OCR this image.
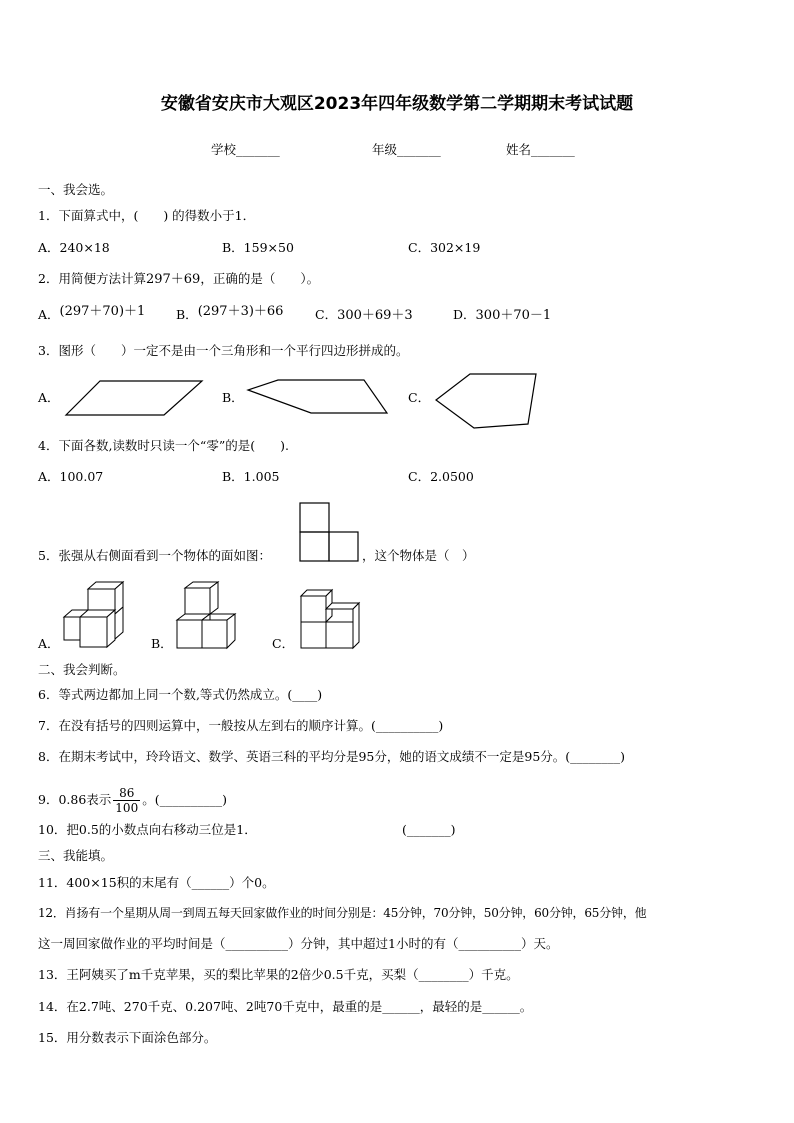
安徽省安庆市大观区2023年四年级数学第二学期期末考试试题
学校_______	年级_______	姓名_______
一、我会选。
1．下面算式中，(　　) 的得数小于1．
A．240×18	B．159×50	C．302×19
2．用简便方法计算297＋69，正确的是（　　）。
A．(297＋70)＋1 B．(297＋3)＋66	C．300＋69＋3	D．300＋70－1
3．图形（　　）一定不是由一个三角形和一个平行四边形拼成的。
A．	B．	C．
4．下面各数,读数时只读一个“零”的是(　　).
A．100.07	B．1.005	C．2.0500
5．张强从右侧面看到一个物体的面如图：	，这个物体是（　）
A．	B．	C．
二、我会判断。
6．等式两边都加上同一个数,等式仍然成立。(____)
7．在没有括号的四则运算中，一般按从左到右的顺序计算。(__________)
8．在期末考试中，玲玲语文、数学、英语三科的平均分是95分，她的语文成绩不一定是95分。(________)
9．0.86表示 $\frac{86}{100}$ 。(__________)
10．把0.5的小数点向右移动三位是1．	(_______)
三、我能填。
11．400×15积的末尾有（______）个0。
12．肖扬有一个星期从周一到周五每天回家做作业的时间分别是：45分钟，70分钟，50分钟，60分钟，65分钟，他
这一周回家做作业的平均时间是（__________）分钟，其中超过1小时的有（__________）天。
13．王阿姨买了m千克苹果，买的梨比苹果的2倍少0.5千克，买梨（________）千克。
14．在2.7吨、270千克、0.207吨、2吨70千克中，最重的是______，最轻的是______。
15．用分数表示下面涂色部分。
